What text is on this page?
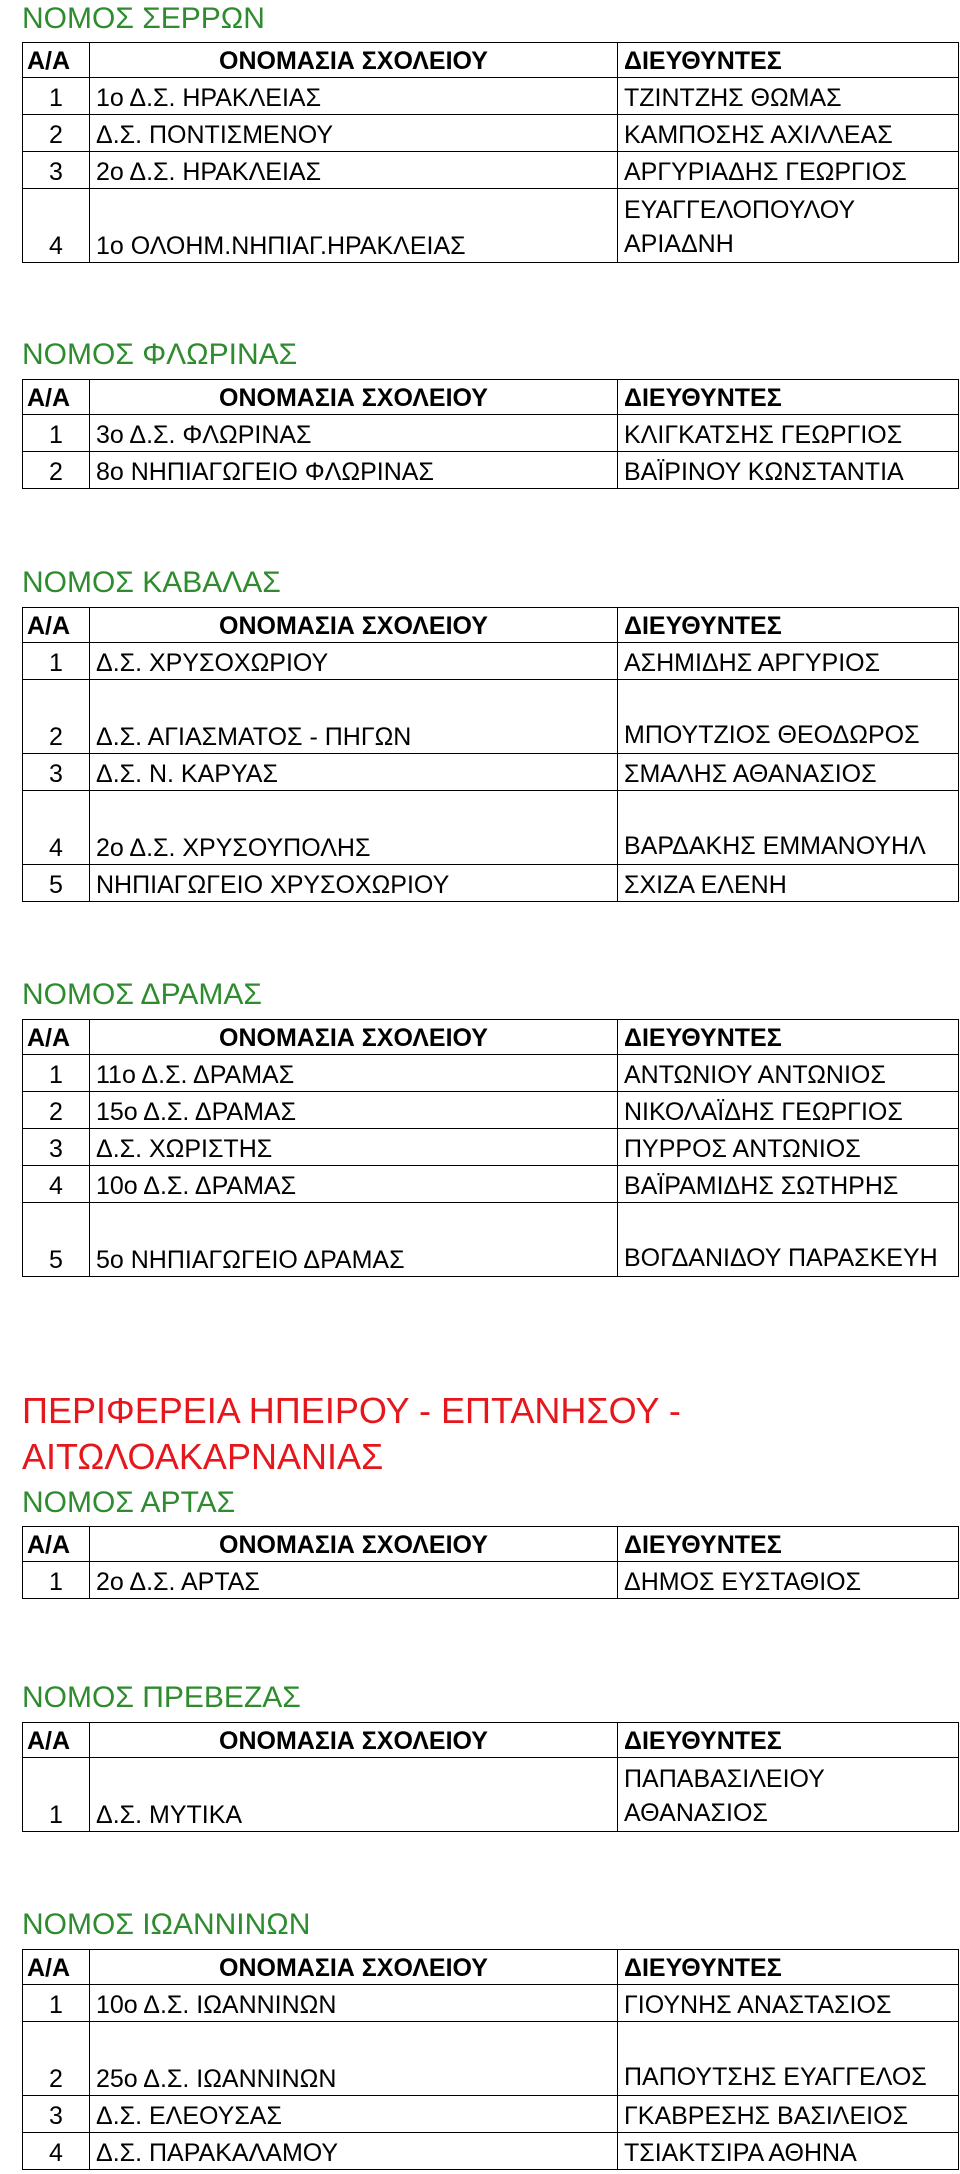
ΝΟΜΟΣ ΣΕΡΡΩΝ
Α/Α	ΟΝΟΜΑΣΙΑ ΣΧΟΛΕΙΟΥ	ΔΙΕΥΘΥΝΤΕΣ
1	1ο Δ.Σ. ΗΡΑΚΛΕΙΑΣ	ΤΖΙΝΤΖΗΣ ΘΩΜΑΣ
2	Δ.Σ. ΠΟΝΤΙΣΜΕΝΟΥ	ΚΑΜΠΟΣΗΣ ΑΧΙΛΛΕΑΣ
3	2ο Δ.Σ. ΗΡΑΚΛΕΙΑΣ	ΑΡΓΥΡΙΑΔΗΣ ΓΕΩΡΓΙΟΣ
4	1ο ΟΛΟΗΜ.ΝΗΠΙΑΓ.ΗΡΑΚΛΕΙΑΣ	ΕΥΑΓΓΕΛΟΠΟΥΛΟΥ ΑΡΙΑΔΝΗ
ΝΟΜΟΣ ΦΛΩΡΙΝΑΣ
Α/Α	ΟΝΟΜΑΣΙΑ ΣΧΟΛΕΙΟΥ	ΔΙΕΥΘΥΝΤΕΣ
1	3ο Δ.Σ. ΦΛΩΡΙΝΑΣ	ΚΛΙΓΚΑΤΣΗΣ ΓΕΩΡΓΙΟΣ
2	8ο ΝΗΠΙΑΓΩΓΕΙΟ ΦΛΩΡΙΝΑΣ	ΒΑΪΡΙΝΟΥ ΚΩΝΣΤΑΝΤΙΑ
ΝΟΜΟΣ ΚΑΒΑΛΑΣ
Α/Α	ΟΝΟΜΑΣΙΑ ΣΧΟΛΕΙΟΥ	ΔΙΕΥΘΥΝΤΕΣ
1	Δ.Σ. ΧΡΥΣΟΧΩΡΙΟΥ	ΑΣΗΜΙΔΗΣ ΑΡΓΥΡΙΟΣ
2	Δ.Σ. ΑΓΙΑΣΜΑΤΟΣ - ΠΗΓΩΝ	ΜΠΟΥΤΖΙΟΣ ΘΕΟΔΩΡΟΣ
3	Δ.Σ. Ν. ΚΑΡΥΑΣ	ΣΜΑΛΗΣ ΑΘΑΝΑΣΙΟΣ
4	2ο Δ.Σ. ΧΡΥΣΟΥΠΟΛΗΣ	ΒΑΡΔΑΚΗΣ ΕΜΜΑΝΟΥΗΛ
5	ΝΗΠΙΑΓΩΓΕΙΟ ΧΡΥΣΟΧΩΡΙΟΥ	ΣΧΙΖΑ ΕΛΕΝΗ
ΝΟΜΟΣ ΔΡΑΜΑΣ
Α/Α	ΟΝΟΜΑΣΙΑ ΣΧΟΛΕΙΟΥ	ΔΙΕΥΘΥΝΤΕΣ
1	11ο Δ.Σ. ΔΡΑΜΑΣ	ΑΝΤΩΝΙΟΥ ΑΝΤΩΝΙΟΣ
2	15ο Δ.Σ. ΔΡΑΜΑΣ	ΝΙΚΟΛΑΪΔΗΣ ΓΕΩΡΓΙΟΣ
3	Δ.Σ. ΧΩΡΙΣΤΗΣ	ΠΥΡΡΟΣ ΑΝΤΩΝΙΟΣ
4	10ο Δ.Σ. ΔΡΑΜΑΣ	ΒΑΪΡΑΜΙΔΗΣ ΣΩΤΗΡΗΣ
5	5ο ΝΗΠΙΑΓΩΓΕΙΟ ΔΡΑΜΑΣ	ΒΟΓΔΑΝΙΔΟΥ ΠΑΡΑΣΚΕΥΗ
ΠΕΡΙΦΕΡΕΙΑ ΗΠΕΙΡΟΥ - ΕΠΤΑΝΗΣΟΥ - ΑΙΤΩΛΟΑΚΑΡΝΑΝΙΑΣ
ΝΟΜΟΣ ΑΡΤΑΣ
Α/Α	ΟΝΟΜΑΣΙΑ ΣΧΟΛΕΙΟΥ	ΔΙΕΥΘΥΝΤΕΣ
1	2ο Δ.Σ. ΑΡΤΑΣ	ΔΗΜΟΣ ΕΥΣΤΑΘΙΟΣ
ΝΟΜΟΣ ΠΡΕΒΕΖΑΣ
Α/Α	ΟΝΟΜΑΣΙΑ ΣΧΟΛΕΙΟΥ	ΔΙΕΥΘΥΝΤΕΣ
1	Δ.Σ. ΜΥΤΙΚΑ	ΠΑΠΑΒΑΣΙΛΕΙΟΥ ΑΘΑΝΑΣΙΟΣ
ΝΟΜΟΣ ΙΩΑΝΝΙΝΩΝ
Α/Α	ΟΝΟΜΑΣΙΑ ΣΧΟΛΕΙΟΥ	ΔΙΕΥΘΥΝΤΕΣ
1	10ο Δ.Σ. ΙΩΑΝΝΙΝΩΝ	ΓΙΟΥΝΗΣ ΑΝΑΣΤΑΣΙΟΣ
2	25ο Δ.Σ. ΙΩΑΝΝΙΝΩΝ	ΠΑΠΟΥΤΣΗΣ ΕΥΑΓΓΕΛΟΣ
3	Δ.Σ. ΕΛΕΟΥΣΑΣ	ΓΚΑΒΡΕΣΗΣ ΒΑΣΙΛΕΙΟΣ
4	Δ.Σ. ΠΑΡΑΚΑΛΑΜΟΥ	ΤΣΙΑΚΤΣΙΡΑ ΑΘΗΝΑ
